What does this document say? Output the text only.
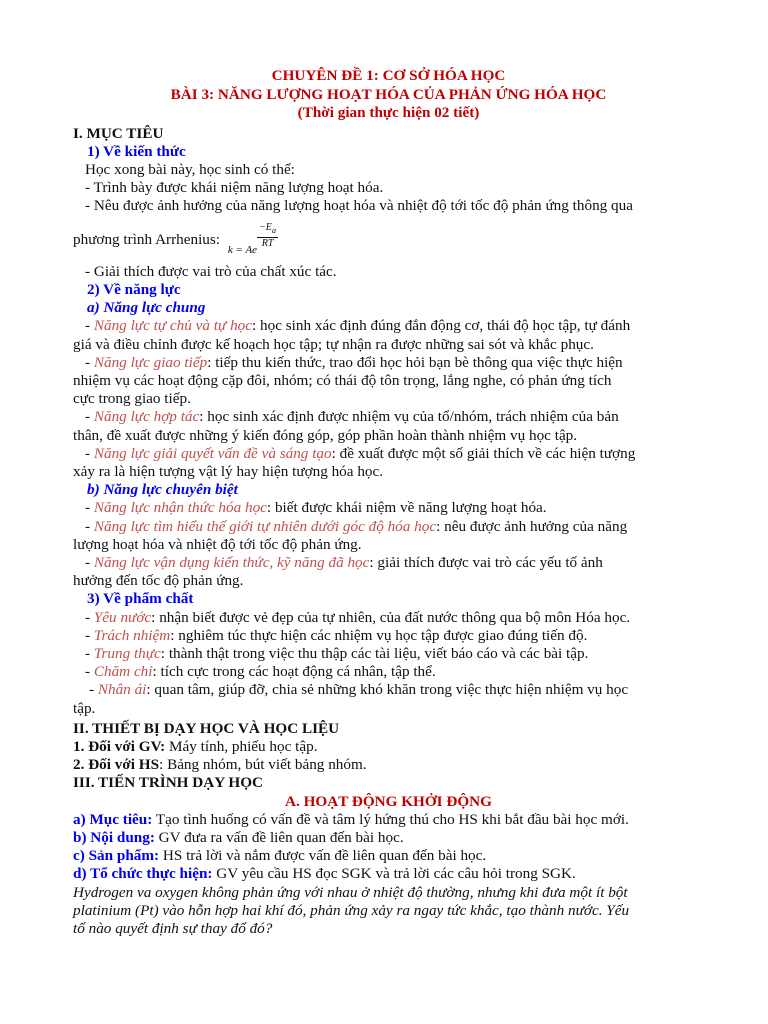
CHUYÊN ĐỀ 1: CƠ SỞ HÓA HỌC
BÀI 3: NĂNG LƯỢNG HOẠT HÓA CỦA PHẢN ỨNG HÓA HỌC
(Thời gian thực hiện 02 tiết)
I. MỤC TIÊU
1) Về kiến thức
Học xong bài này, học sinh có thể:
- Trình bày được khái niệm năng lượng hoạt hóa.
- Nêu được ảnh hưởng của năng lượng hoạt hóa và nhiệt độ tới tốc độ phản ứng thông qua
phương trình Arrhenius: k = Ae $\frac{-E_a}{RT}$
- Giải thích được vai trò của chất xúc tác.
2) Về năng lực
a) Năng lực chung
- Năng lực tự chủ và tự học: học sinh xác định đúng đắn động cơ, thái độ học tập, tự đánh
giá và điều chỉnh được kế hoạch học tập; tự nhận ra được những sai sót và khắc phục.
- Năng lực giao tiếp: tiếp thu kiến thức, trao đổi học hỏi bạn bè thông qua việc thực hiện
nhiệm vụ các hoạt động cặp đôi, nhóm; có thái độ tôn trọng, lắng nghe, có phản ứng tích
cực trong giao tiếp.
- Năng lực hợp tác: học sinh xác định được nhiệm vụ của tổ/nhóm, trách nhiệm của bản
thân, đề xuất được những ý kiến đóng góp, góp phần hoàn thành nhiệm vụ học tập.
- Năng lực giải quyết vấn đề và sáng tạo: đề xuất được một số giải thích về các hiện tượng
xảy ra là hiện tượng vật lý hay hiện tượng hóa học.
b) Năng lực chuyên biệt
- Năng lực nhận thức hóa học: biết được khái niệm về năng lượng hoạt hóa.
- Năng lực tìm hiểu thế giới tự nhiên dưới góc độ hóa học: nêu được ảnh hưởng của năng
lượng hoạt hóa và nhiệt độ tới tốc độ phản ứng.
- Năng lực vận dụng kiến thức, kỹ năng đã học: giải thích được vai trò các yếu tố ảnh
hưởng đến tốc độ phản ứng.
3) Về phẩm chất
- Yêu nước: nhận biết được vẻ đẹp của tự nhiên, của đất nước thông qua bộ môn Hóa học.
- Trách nhiệm: nghiêm túc thực hiện các nhiệm vụ học tập được giao đúng tiến độ.
- Trung thực: thành thật trong việc thu thập các tài liệu, viết báo cáo và các bài tập.
- Chăm chỉ: tích cực trong các hoạt động cá nhân, tập thể.
- Nhân ái: quan tâm, giúp đỡ, chia sẻ những khó khăn trong việc thực hiện nhiệm vụ học
tập.
II. THIẾT BỊ DẠY HỌC VÀ HỌC LIỆU
1. Đối với GV: Máy tính, phiếu học tập.
2. Đối với HS: Bảng nhóm, bút viết bảng nhóm.
III. TIẾN TRÌNH DẠY HỌC
A. HOẠT ĐỘNG KHỞI ĐỘNG
a) Mục tiêu: Tạo tình huống có vấn đề và tâm lý hứng thú cho HS khi bắt đầu bài học mới.
b) Nội dung: GV đưa ra vấn đề liên quan đến bài học.
c) Sản phẩm: HS trả lời và nắm được vấn đề liên quan đến bài học.
d) Tổ chức thực hiện: GV yêu cầu HS đọc SGK và trả lời các câu hỏi trong SGK.
Hydrogen va oxygen không phản ứng với nhau ở nhiệt độ thường, nhưng khi đưa một ít bột
platinium (Pt) vào hỗn hợp hai khí đó, phản ứng xảy ra ngay tức khắc, tạo thành nước. Yếu
tố nào quyết định sự thay đổ đó?
